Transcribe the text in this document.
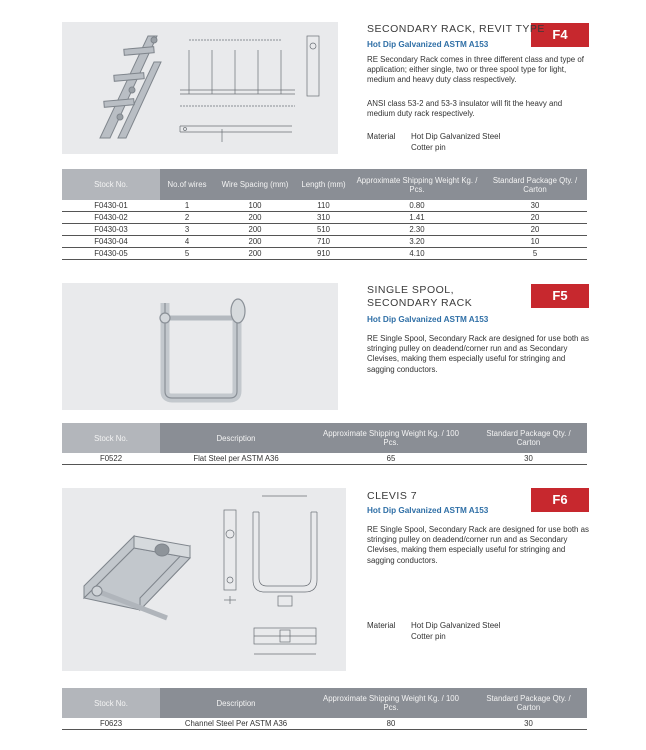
F4
SECONDARY RACK, REVIT TYPE
Hot Dip Galvanized ASTM A153
RE Secondary Rack comes in three different class and type of application; either single, two or three spool type for light, medium and heavy duty class respectively.
ANSI class 53-2 and 53-3 insulator will fit the heavy and medium duty rack respectively.
Material Hot Dip Galvanized Steel
Cotter pin
Stock No.	No.of wires	Wire Spacing (mm)	Length (mm)	Approximate Shipping Weight Kg. / Pcs.	Standard Package Qty. / Carton
F0430-01	1	100	110	0.80	30
F0430-02	2	200	310	1.41	20
F0430-03	3	200	510	2.30	20
F0430-04	4	200	710	3.20	10
F0430-05	5	200	910	4.10	5
F5
SINGLE SPOOL,
SECONDARY RACK
Hot Dip Galvanized ASTM A153
RE Single Spool, Secondary Rack are designed for use both as stringing pulley on deadend/corner run and as Secondary Clevises, making them especially useful for stringing and sagging conductors.
Stock No.	Description	Approximate Shipping Weight Kg. / 100 Pcs.	Standard Package Qty. / Carton
F0522	Flat Steel per ASTM A36	65	30
F6
CLEVIS 7
Hot Dip Galvanized ASTM A153
RE Single Spool, Secondary Rack are designed for use both as stringing pulley on deadend/corner run and as Secondary Clevises, making them especially useful for stringing and sagging conductors.
Material Hot Dip Galvanized Steel
Cotter pin
Stock No.	Description	Approximate Shipping Weight Kg. / 100 Pcs.	Standard Package Qty. / Carton
F0623	Channel Steel Per ASTM A36	80	30
